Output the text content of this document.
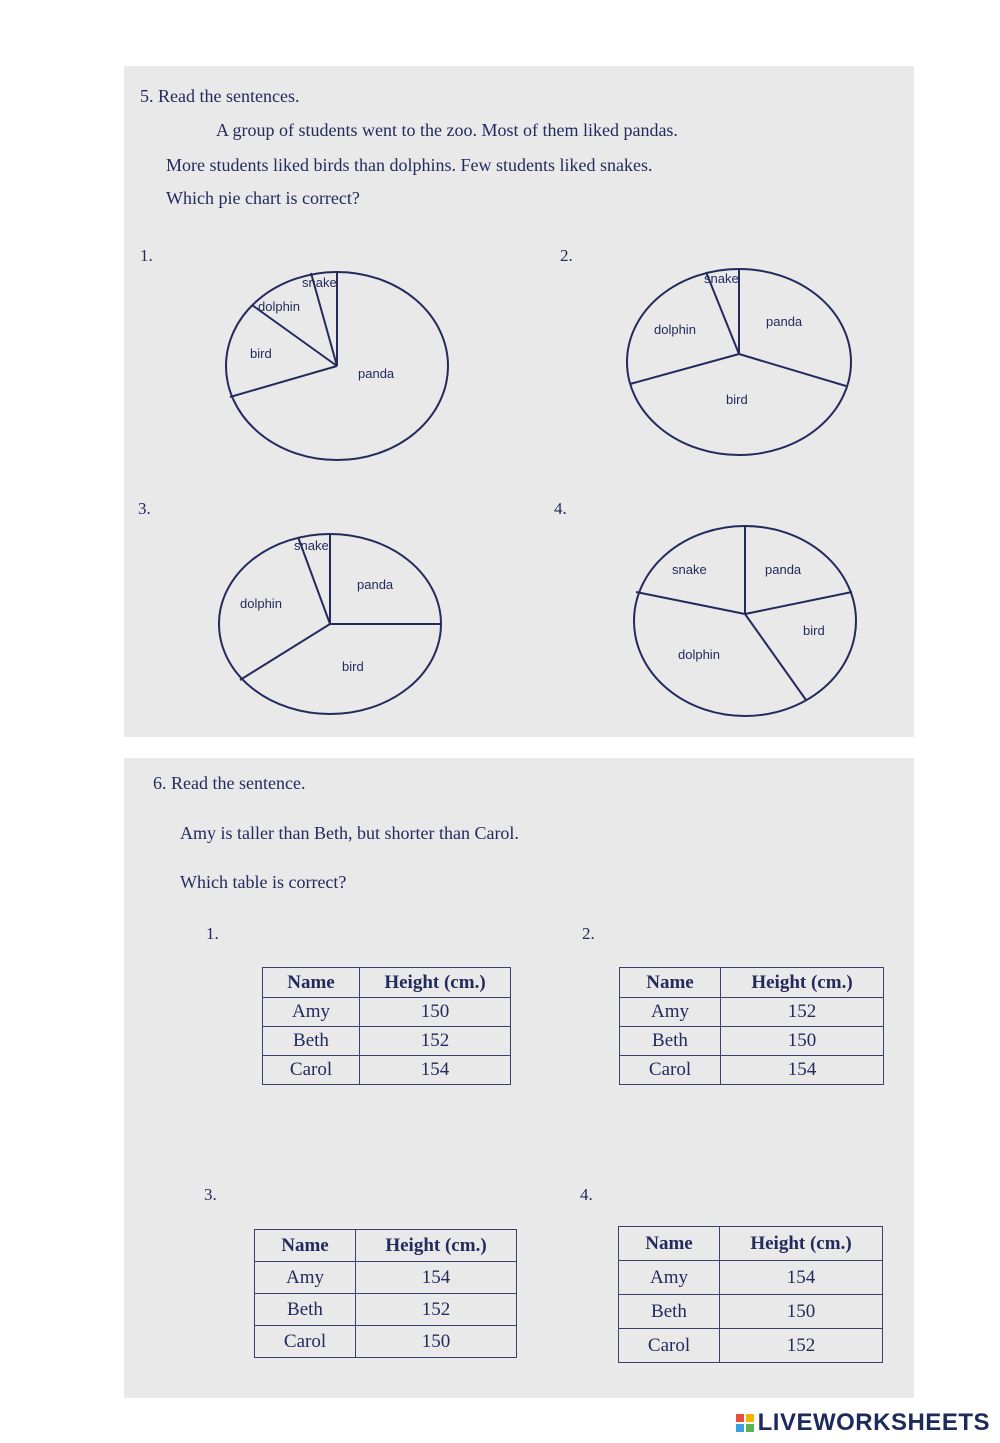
5. Read the sentences.
A group of students went to the zoo. Most of them liked pandas.
More students liked birds than dolphins. Few students liked snakes.
Which pie chart is correct?
1.
snake
dolphin
bird
panda
2.
snake
dolphin
panda
bird
3.
snake
dolphin
panda
bird
4.
snake	panda
bird
dolphin
6. Read the sentence.
Amy is taller than Beth, but shorter than Carol.
Which table is correct?
1.
Name	Height (cm.)
Amy	150
Beth	152
Carol	154
2.
Name	Height (cm.)
Amy	152
Beth	150
Carol	154
3.
Name	Height (cm.)
Amy	154
Beth	152
Carol	150
4.
Name	Height (cm.)
Amy	154
Beth	150
Carol	152
LIVEWORKSHEETS
